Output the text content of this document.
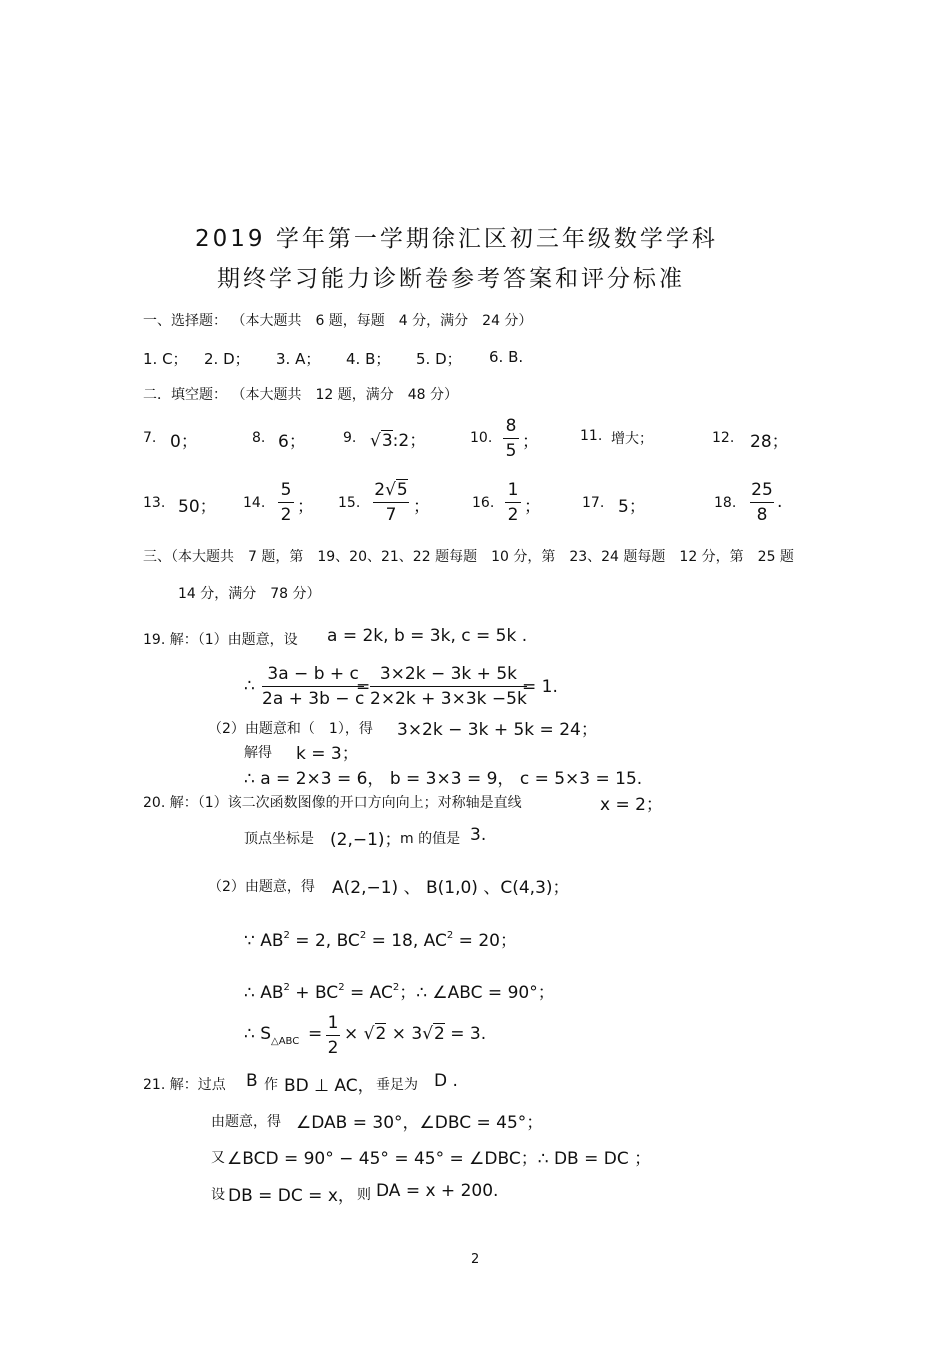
2019 学年第一学期徐汇区初三年级数学学科
期终学习能力诊断卷参考答案和评分标准
一、选择题： （本大题共　6 题，每题　4 分，满分　24 分）
1. C； 2. D； 3. A； 4. B； 5. D； 6. B.
二．填空题： （本大题共　12 题，满分　48 分）
7. 0；	8. 6；	9. √3:2；	10.
8
5 ；	11. 增大；	12. 28；
13. 50； 14.
5
2 ； 15.
2√5
7 ；	16.
1
2 ；	17. 5；	18.
25
8
.
三、（本大题共　7 题，第　19、20、21、22 题每题　10 分，第　23、24 题每题　12 分，第　25 题
14 分，满分　78 分）
19. 解：（1）由题意，设 a = 2k, b = 3k, c = 5k .
∴
3a − b + c
2a + 3b − c
=
3×2k − 3k + 5k
2×2k + 3×3k −5k
= 1.
（2）由题意和（　1），得 3×2k − 3k + 5k = 24；
解得 k = 3；
∴ a = 2×3 = 6， b = 3×3 = 9， c = 5×3 = 15.
20. 解：（1）该二次函数图像的开口方向向上；对称轴是直线	x = 2；
顶点坐标是 (2,−1)；
m 的值是 3.
（2）由题意，得 A(2,−1) 、 B(1,0) 、C(4,3)；
∵ $AB^2 = 2$, $BC^2 = 18$, $AC^2 = 20$；
∴ $AB^2 + BC^2 = AC^2$；∴ ∠ABC = 90°；
∴ $S_{\triangle ABC}$ =
1
2
× √2 × 3√2 = 3.
21. 解：过点 B 作 BD ⊥ AC， 垂足为 D .
由题意，得 ∠DAB = 30°，∠DBC = 45°；
又 ∠BCD = 90° − 45° = 45° = ∠DBC；∴ DB = DC ；
设 DB = DC = x， 则 DA = x + 200.
2
